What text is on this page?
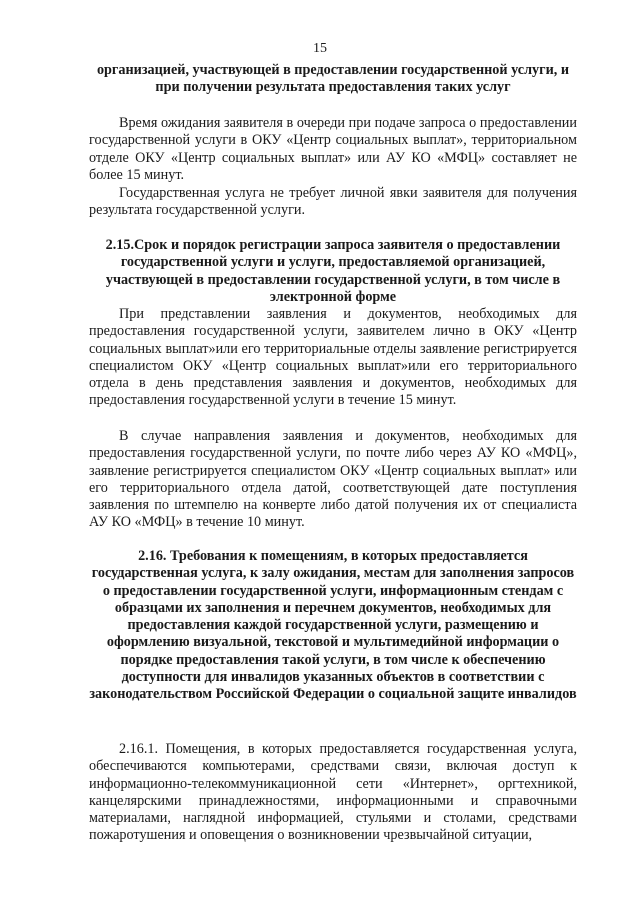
15

организацией, участвующей в предоставлении государственной услуги, и при получении результата предоставления таких услуг

Время ожидания заявителя в очереди при подаче запроса о предоставлении государственной услуги в ОКУ «Центр социальных выплат», территориальном отделе ОКУ «Центр социальных выплат» или АУ КО «МФЦ» составляет не более 15 минут.

Государственная услуга не требует личной явки заявителя для получения результата государственной услуги.

2.15.Срок и порядок регистрации запроса заявителя о предоставлении государственной услуги и услуги, предоставляемой организацией, участвующей в предоставлении государственной услуги, в том числе в электронной форме

При представлении заявления и документов, необходимых для предоставления государственной услуги, заявителем лично в ОКУ «Центр социальных выплат»или его территориальные отделы заявление регистрируется специалистом ОКУ «Центр социальных выплат»или его территориального отдела в день представления заявления и документов, необходимых для предоставления государственной услуги в течение 15 минут.

В случае направления заявления и документов, необходимых для предоставления государственной услуги, по почте либо через АУ КО «МФЦ», заявление регистрируется специалистом ОКУ «Центр социальных выплат» или его территориального отдела датой, соответствующей дате поступления заявления по штемпелю на конверте либо датой получения их от специалиста АУ КО «МФЦ» в течение 10 минут.

2.16. Требования к помещениям, в которых предоставляется государственная услуга, к залу ожидания, местам для заполнения запросов о предоставлении государственной услуги, информационным стендам с образцами их заполнения и перечнем документов, необходимых для предоставления каждой государственной услуги, размещению и оформлению визуальной, текстовой и мультимедийной информации о порядке предоставления такой услуги, в том числе к обеспечению доступности для инвалидов указанных объектов в соответствии с законодательством Российской Федерации о социальной защите инвалидов

2.16.1. Помещения, в которых предоставляется государственная услуга, обеспечиваются компьютерами, средствами связи, включая доступ к информационно-телекоммуникационной сети «Интернет», оргтехникой, канцелярскими принадлежностями, информационными и справочными материалами, наглядной информацией, стульями и столами, средствами пожаротушения и оповещения о возникновении чрезвычайной ситуации,
